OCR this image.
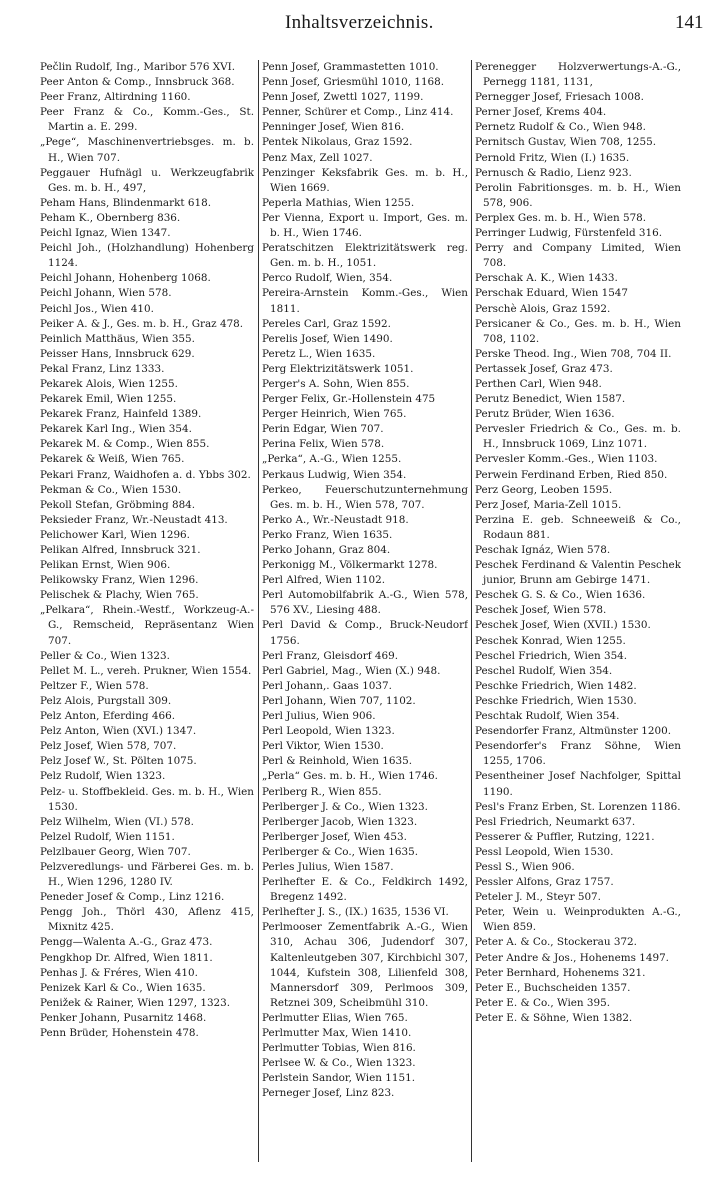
Inhaltsverzeichnis.	141
Pečlin Rudolf, Ing., Maribor 576 XVI.
Peer Anton & Comp., Innsbruck 368.
Peer Franz, Altirdning 1160.
Peer Franz & Co., Komm.-Ges., St. Martin a. E. 299.
„Pege“, Maschinenvertriebsges. m. b. H., Wien 707.
Peggauer Hufnägl u. Werkzeugfabrik Ges. m. b. H., 497,
Peham Hans, Blindenmarkt 618.
Peham K., Obernberg 836.
Peichl Ignaz, Wien 1347.
Peichl Joh., (Holzhandlung) Hohenberg 1124.
Peichl Johann, Hohenberg 1068.
Peichl Johann, Wien 578.
Peichl Jos., Wien 410.
Peiker A. & J., Ges. m. b. H., Graz 478.
Peinlich Matthäus, Wien 355.
Peisser Hans, Innsbruck 629.
Pekal Franz, Linz 1333.
Pekarek Alois, Wien 1255.
Pekarek Emil, Wien 1255.
Pekarek Franz, Hainfeld 1389.
Pekarek Karl Ing., Wien 354.
Pekarek M. & Comp., Wien 855.
Pekarek & Weiß, Wien 765.
Pekari Franz, Waidhofen a. d. Ybbs 302.
Pekman & Co., Wien 1530.
Pekoll Stefan, Gröbming 884.
Peksieder Franz, Wr.-Neustadt 413.
Pelichower Karl, Wien 1296.
Pelikan Alfred, Innsbruck 321.
Pelikan Ernst, Wien 906.
Pelikowsky Franz, Wien 1296.
Pelischek & Plachy, Wien 765.
„Pelkara“, Rhein.-Westf., Workzeug-A.-G., Remscheid, Repräsentanz Wien 707.
Peller & Co., Wien 1323.
Pellet M. L., vereh. Prukner, Wien 1554.
Peltzer F., Wien 578.
Pelz Alois, Purgstall 309.
Pelz Anton, Eferding 466.
Pelz Anton, Wien (XVI.) 1347.
Pelz Josef, Wien 578, 707.
Pelz Josef W., St. Pölten 1075.
Pelz Rudolf, Wien 1323.
Pelz- u. Stoffbekleid. Ges. m. b. H., Wien 1530.
Pelz Wilhelm, Wien (VI.) 578.
Pelzel Rudolf, Wien 1151.
Pelzlbauer Georg, Wien 707.
Pelzveredlungs- und Färberei Ges. m. b. H., Wien 1296, 1280 IV.
Peneder Josef & Comp., Linz 1216.
Pengg Joh., Thörl 430, Aflenz 415, Mixnitz 425.
Pengg—Walenta A.-G., Graz 473.
Pengkhop Dr. Alfred, Wien 1811.
Penhas J. & Fréres, Wien 410.
Penizek Karl & Co., Wien 1635.
Penižek & Rainer, Wien 1297, 1323.
Penker Johann, Pusarnitz 1468.
Penn Brüder, Hohenstein 478.
Penn Josef, Grammastetten 1010.
Penn Josef, Griesmühl 1010, 1168.
Penn Josef, Zwettl 1027, 1199.
Penner, Schürer et Comp., Linz 414.
Penninger Josef, Wien 816.
Pentek Nikolaus, Graz 1592.
Penz Max, Zell 1027.
Penzinger Keksfabrik Ges. m. b. H., Wien 1669.
Peperla Mathias, Wien 1255.
Per Vienna, Export u. Import, Ges. m. b. H., Wien 1746.
Peratschitzen Elektrizitätswerk reg. Gen. m. b. H., 1051.
Perco Rudolf, Wien, 354.
Pereira-Arnstein Komm.-Ges., Wien 1811.
Pereles Carl, Graz 1592.
Perelis Josef, Wien 1490.
Peretz L., Wien 1635.
Perg Elektrizitätswerk 1051.
Perger's A. Sohn, Wien 855.
Perger Felix, Gr.-Hollenstein 475
Perger Heinrich, Wien 765.
Perin Edgar, Wien 707.
Perina Felix, Wien 578.
„Perka“, A.-G., Wien 1255.
Perkaus Ludwig, Wien 354.
Perkeo, Feuerschutzunternehmung Ges. m. b. H., Wien 578, 707.
Perko A., Wr.-Neustadt 918.
Perko Franz, Wien 1635.
Perko Johann, Graz 804.
Perkonigg M., Völkermarkt 1278.
Perl Alfred, Wien 1102.
Perl Automobilfabrik A.-G., Wien 578, 576 XV., Liesing 488.
Perl David & Comp., Bruck-Neudorf 1756.
Perl Franz, Gleisdorf 469.
Perl Gabriel, Mag., Wien (X.) 948.
Perl Johann,. Gaas 1037.
Perl Johann, Wien 707, 1102.
Perl Julius, Wien 906.
Perl Leopold, Wien 1323.
Perl Viktor, Wien 1530.
Perl & Reinhold, Wien 1635.
„Perla“ Ges. m. b. H., Wien 1746.
Perlberg R., Wien 855.
Perlberger J. & Co., Wien 1323.
Perlberger Jacob, Wien 1323.
Perlberger Josef, Wien 453.
Perlberger & Co., Wien 1635.
Perles Julius, Wien 1587.
Perlhefter E. & Co., Feldkirch 1492, Bregenz 1492.
Perlhefter J. S., (IX.) 1635, 1536 VI.
Perlmooser Zementfabrik A.-G., Wien 310, Achau 306, Judendorf 307, Kaltenleutgeben 307, Kirchbichl 307, 1044, Kufstein 308, Lilienfeld 308, Mannersdorf 309, Perlmoos 309, Retznei 309, Scheibmühl 310.
Perlmutter Elias, Wien 765.
Perlmutter Max, Wien 1410.
Perlmutter Tobias, Wien 816.
Perlsee W. & Co., Wien 1323.
Perlstein Sandor, Wien 1151.
Perneger Josef, Linz 823.
Perenegger Holzverwertungs-A.-G., Pernegg 1181, 1131,
Pernegger Josef, Friesach 1008.
Perner Josef, Krems 404.
Pernetz Rudolf & Co., Wien 948.
Pernitsch Gustav, Wien 708, 1255.
Pernold Fritz, Wien (I.) 1635.
Pernusch & Radio, Lienz 923.
Perolin Fabritionsges. m. b. H., Wien 578, 906.
Perplex Ges. m. b. H., Wien 578.
Perringer Ludwig, Fürstenfeld 316.
Perry and Company Limited, Wien 708.
Perschak A. K., Wien 1433.
Perschak Eduard, Wien 1547
Perschè Alois, Graz 1592.
Persicaner & Co., Ges. m. b. H., Wien 708, 1102.
Perske Theod. Ing., Wien 708, 704 II.
Pertassek Josef, Graz 473.
Perthen Carl, Wien 948.
Perutz Benedict, Wien 1587.
Perutz Brüder, Wien 1636.
Pervesler Friedrich & Co., Ges. m. b. H., Innsbruck 1069, Linz 1071.
Pervesler Komm.-Ges., Wien 1103.
Perwein Ferdinand Erben, Ried 850.
Perz Georg, Leoben 1595.
Perz Josef, Maria-Zell 1015.
Perzina E. geb. Schneeweiß & Co., Rodaun 881.
Peschak Ignáz, Wien 578.
Peschek Ferdinand & Valentin Peschek junior, Brunn am Gebirge 1471.
Peschek G. S. & Co., Wien 1636.
Peschek Josef, Wien 578.
Peschek Josef, Wien (XVII.) 1530.
Peschek Konrad, Wien 1255.
Peschel Friedrich, Wien 354.
Peschel Rudolf, Wien 354.
Peschke Friedrich, Wien 1482.
Peschke Friedrich, Wien 1530.
Peschtak Rudolf, Wien 354.
Pesendorfer Franz, Altmünster 1200.
Pesendorfer's Franz Söhne, Wien 1255, 1706.
Pesentheiner Josef Nachfolger, Spittal 1190.
Pesl's Franz Erben, St. Lorenzen 1186.
Pesl Friedrich, Neumarkt 637.
Pesserer & Puffler, Rutzing, 1221.
Pessl Leopold, Wien 1530.
Pessl S., Wien 906.
Pessler Alfons, Graz 1757.
Peteler J. M., Steyr 507.
Peter, Wein u. Weinprodukten A.-G., Wien 859.
Peter A. & Co., Stockerau 372.
Peter Andre & Jos., Hohenems 1497.
Peter Bernhard, Hohenems 321.
Peter E., Buchscheiden 1357.
Peter E. & Co., Wien 395.
Peter E. & Söhne, Wien 1382.
